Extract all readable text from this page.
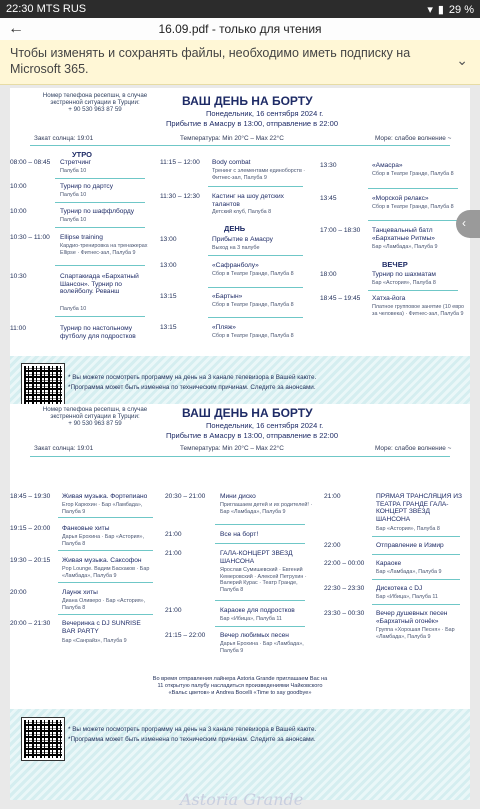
22:30 MTS RUS	▾ ▮ 29 %
←	16.09.pdf - только для чтения
Чтобы изменять и сохранять файлы, необходимо иметь подписку на Microsoft 365.
⌄
Номер телефона ресепшн, в случае
экстренной ситуации в Турции:
+ 90 530 963 87 59
ВАШ ДЕНЬ НА БОРТУ
Понедельник, 16 сентября 2024 г.
Прибытие в Амасру в 13:00, отправление в 22:00
Закат солнца: 19:01	Температура: Min 20°C – Max 22°C	Море: слабое волнение ~
УТРО
ДЕНЬ
ВЕЧЕР
08:00 – 08:45 Стретчинг
Палуба 10
10:00	Турнир по дартсу
Палуба 10
10:00	Турнир по шаффлборду
Палуба 10
10:30 – 11:00 Ellipse training
Кардио-тренировка на тренажерах Ellipse · Фитнес-зал, Палуба 9
10:30	Спартакиада «Бархатный Шансон». Турнир по волейболу. Реванш
Палуба 10
11:00	Турнир по настольному футболу для подростков
11:15 – 12:00 Body combat
Тренинг с элементами единоборств · Фитнес-зал, Палуба 9
11:30 – 12:30 Кастинг на шоу детских талантов
Детский клуб, Палуба 8
13:00	Прибытие в Амасру
Выход на 3 палубе
13:00	«Сафранболу»
Сбор в Театре Гранде, Палуба 8
13:15	«Бартын»
Сбор в Театре Гранде, Палуба 8
13:15	«Пляж»
Сбор в Театре Гранде, Палуба 8
13:30	«Амасра»
Сбор в Театре Гранде, Палуба 8
13:45	«Морской релакс»
Сбор в Театре Гранде, Палуба 8
17:00 – 18:30 Танцевальный батл «Бархатные Ритмы»
Бар «Ламбада», Палуба 9
18:00	Турнир по шахматам
Бар «Астория», Палуба 8
18:45 – 19:45 Хатха-йога
Платное групповое занятие (10 евро за человека) · Фитнес-зал, Палуба 9
* Вы можете посмотреть программу на день на 3 канале телевизора в Вашей каюте.
*Программа может быть изменена по техническим причинам. Следите за анонсами.
Номер телефона ресепшн, в случае
экстренной ситуации в Турции:
+ 90 530 963 87 59
ВАШ ДЕНЬ НА БОРТУ
Понедельник, 16 сентября 2024 г.
Прибытие в Амасру в 13:00, отправление в 22:00
Закат солнца: 19:01	Температура: Min 20°C – Max 22°C	Море: слабое волнение ~
18:45 – 19:30 Живая музыка. Фортепиано
Егор Карюхин · Бар «Ламбада», Палуба 9
19:15 – 20:00 Фанковые хиты
Дарья Ерохина · Бар «Астория», Палуба 8
19:30 – 20:15 Живая музыка. Саксофон
Pop Lounge. Вадим Баскаков · Бар «Ламбада», Палуба 9
20:00	Лаунж хиты
Диана Оливеро · Бар «Астория», Палуба 8
20:00 – 21:30 Вечеринка с DJ SUNRISE BAR PARTY
Бар «Санрайз», Палуба 9
20:30 – 21:00 Мини диско
Приглашаем детей и их родителей! · Бар «Ламбада», Палуба 9
21:00	Все на борт!
21:00	ГАЛА-КОНЦЕРТ ЗВЕЗД ШАНСОНА
Ярослав Сумишевский · Евгений Кемеровский · Алексей Петрухин · Валерий Курас · Театр Гранде, Палуба 8
21:00	Караоке для подростков
Бар «Ибица», Палуба 11
21:15 – 22:00 Вечер любимых песен
Дарья Ерохина · Бар «Ламбада», Палуба 9
21:00	ПРЯМАЯ ТРАНСЛЯЦИЯ ИЗ ТЕАТРА ГРАНДЕ ГАЛА-КОНЦЕРТ ЗВЕЗД ШАНСОНА
Бар «Астория», Палуба 8
22:00	Отправление в Измир
22:00 – 00:00 Караоке
Бар «Ламбада», Палуба 9
22:30 – 23:30 Дискотека с DJ
Бар «Ибица», Палуба 11
23:30 – 00:30 Вечер душевных песен «Бархатный огонёк»
Группа «Хорошая Песня» · Бар «Ламбада», Палуба 9
Во время отправления лайнера Astoria Grande приглашаем Вас на 11 открытую палубу насладиться произведениями Чайковского «Вальс цветов» и Andrea Bocelli «Time to say goodbye»
* Вы можете посмотреть программу на день на 3 канале телевизора в Вашей каюте.
*Программа может быть изменена по техническим причинам. Следите за анонсами.
Astoria Grande
‹
